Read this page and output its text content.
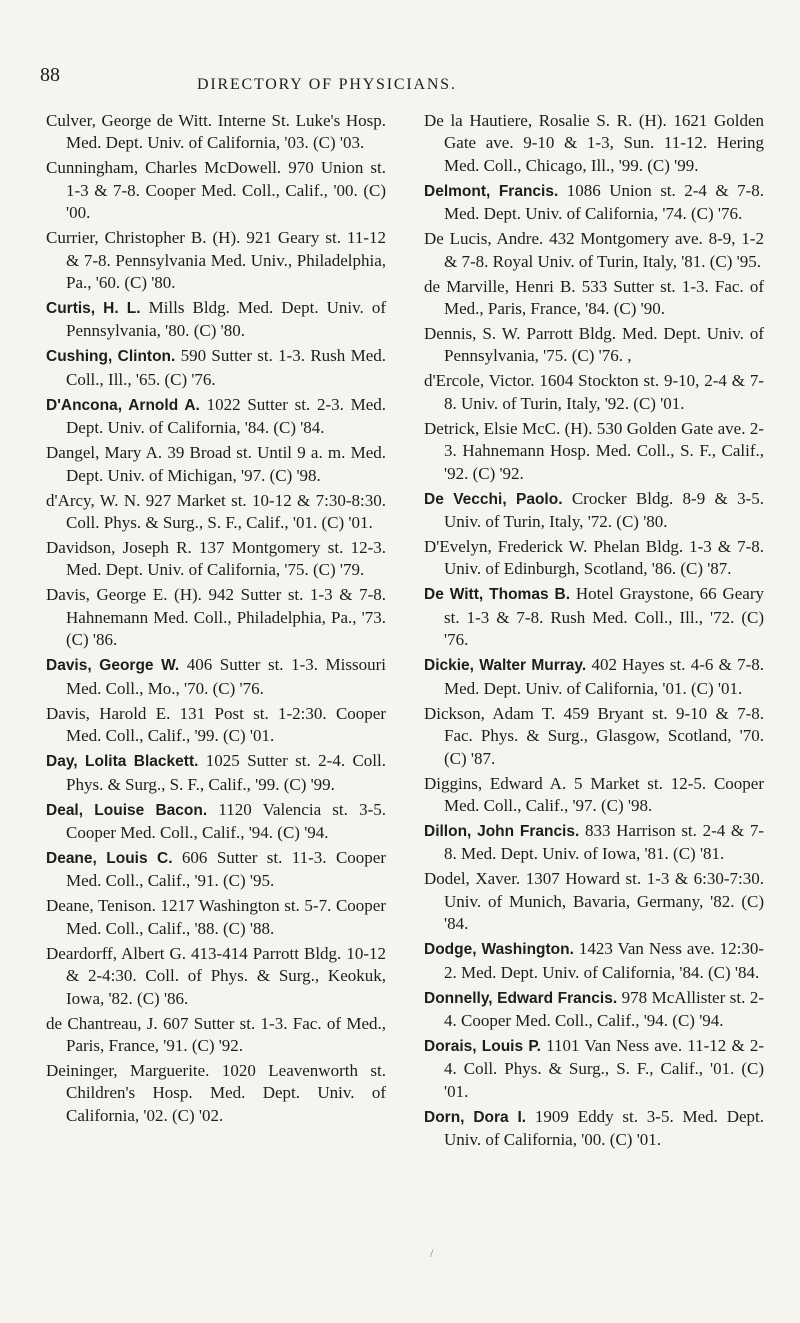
88	DIRECTORY OF PHYSICIANS.

Culver, George de Witt. Interne St. Luke's Hosp. Med. Dept. Univ. of California, '03. (C) '03.

Cunningham, Charles McDowell. 970 Union st. 1-3 & 7-8. Cooper Med. Coll., Calif., '00. (C) '00.

Currier, Christopher B. (H). 921 Geary st. 11-12 & 7-8. Pennsylvania Med. Univ., Philadelphia, Pa., '60. (C) '80.

Curtis, H. L. Mills Bldg. Med. Dept. Univ. of Pennsylvania, '80. (C) '80.

Cushing, Clinton. 590 Sutter st. 1-3. Rush Med. Coll., Ill., '65. (C) '76.

D'Ancona, Arnold A. 1022 Sutter st. 2-3. Med. Dept. Univ. of California, '84. (C) '84.

Dangel, Mary A. 39 Broad st. Until 9 a. m. Med. Dept. Univ. of Michigan, '97. (C) '98.

d'Arcy, W. N. 927 Market st. 10-12 & 7:30-8:30. Coll. Phys. & Surg., S. F., Calif., '01. (C) '01.

Davidson, Joseph R. 137 Montgomery st. 12-3. Med. Dept. Univ. of California, '75. (C) '79.

Davis, George E. (H). 942 Sutter st. 1-3 & 7-8. Hahnemann Med. Coll., Philadelphia, Pa., '73. (C) '86.

Davis, George W. 406 Sutter st. 1-3. Missouri Med. Coll., Mo., '70. (C) '76.

Davis, Harold E. 131 Post st. 1-2:30. Cooper Med. Coll., Calif., '99. (C) '01.

Day, Lolita Blackett. 1025 Sutter st. 2-4. Coll. Phys. & Surg., S. F., Calif., '99. (C) '99.

Deal, Louise Bacon. 1120 Valencia st. 3-5. Cooper Med. Coll., Calif., '94. (C) '94.

Deane, Louis C. 606 Sutter st. 11-3. Cooper Med. Coll., Calif., '91. (C) '95.

Deane, Tenison. 1217 Washington st. 5-7. Cooper Med. Coll., Calif., '88. (C) '88.

Deardorff, Albert G. 413-414 Parrott Bldg. 10-12 & 2-4:30. Coll. of Phys. & Surg., Keokuk, Iowa, '82. (C) '86.

de Chantreau, J. 607 Sutter st. 1-3. Fac. of Med., Paris, France, '91. (C) '92.

Deininger, Marguerite. 1020 Leavenworth st. Children's Hosp. Med. Dept. Univ. of California, '02. (C) '02.

De la Hautiere, Rosalie S. R. (H). 1621 Golden Gate ave. 9-10 & 1-3, Sun. 11-12. Hering Med. Coll., Chicago, Ill., '99. (C) '99.

Delmont, Francis. 1086 Union st. 2-4 & 7-8. Med. Dept. Univ. of California, '74. (C) '76.

De Lucis, Andre. 432 Montgomery ave. 8-9, 1-2 & 7-8. Royal Univ. of Turin, Italy, '81. (C) '95.

de Marville, Henri B. 533 Sutter st. 1-3. Fac. of Med., Paris, France, '84. (C) '90.

Dennis, S. W. Parrott Bldg. Med. Dept. Univ. of Pennsylvania, '75. (C) '76. ,

d'Ercole, Victor. 1604 Stockton st. 9-10, 2-4 & 7-8. Univ. of Turin, Italy, '92. (C) '01.

Detrick, Elsie McC. (H). 530 Golden Gate ave. 2-3. Hahnemann Hosp. Med. Coll., S. F., Calif., '92. (C) '92.

De Vecchi, Paolo. Crocker Bldg. 8-9 & 3-5. Univ. of Turin, Italy, '72. (C) '80.

D'Evelyn, Frederick W. Phelan Bldg. 1-3 & 7-8. Univ. of Edinburgh, Scotland, '86. (C) '87.

De Witt, Thomas B. Hotel Graystone, 66 Geary st. 1-3 & 7-8. Rush Med. Coll., Ill., '72. (C) '76.

Dickie, Walter Murray. 402 Hayes st. 4-6 & 7-8. Med. Dept. Univ. of California, '01. (C) '01.

Dickson, Adam T. 459 Bryant st. 9-10 & 7-8. Fac. Phys. & Surg., Glasgow, Scotland, '70. (C) '87.

Diggins, Edward A. 5 Market st. 12-5. Cooper Med. Coll., Calif., '97. (C) '98.

Dillon, John Francis. 833 Harrison st. 2-4 & 7-8. Med. Dept. Univ. of Iowa, '81. (C) '81.

Dodel, Xaver. 1307 Howard st. 1-3 & 6:30-7:30. Univ. of Munich, Bavaria, Germany, '82. (C) '84.

Dodge, Washington. 1423 Van Ness ave. 12:30-2. Med. Dept. Univ. of California, '84. (C) '84.

Donnelly, Edward Francis. 978 McAllister st. 2-4. Cooper Med. Coll., Calif., '94. (C) '94.

Dorais, Louis P. 1101 Van Ness ave. 11-12 & 2-4. Coll. Phys. & Surg., S. F., Calif., '01. (C) '01.

Dorn, Dora I. 1909 Eddy st. 3-5. Med. Dept. Univ. of California, '00. (C) '01.

/
